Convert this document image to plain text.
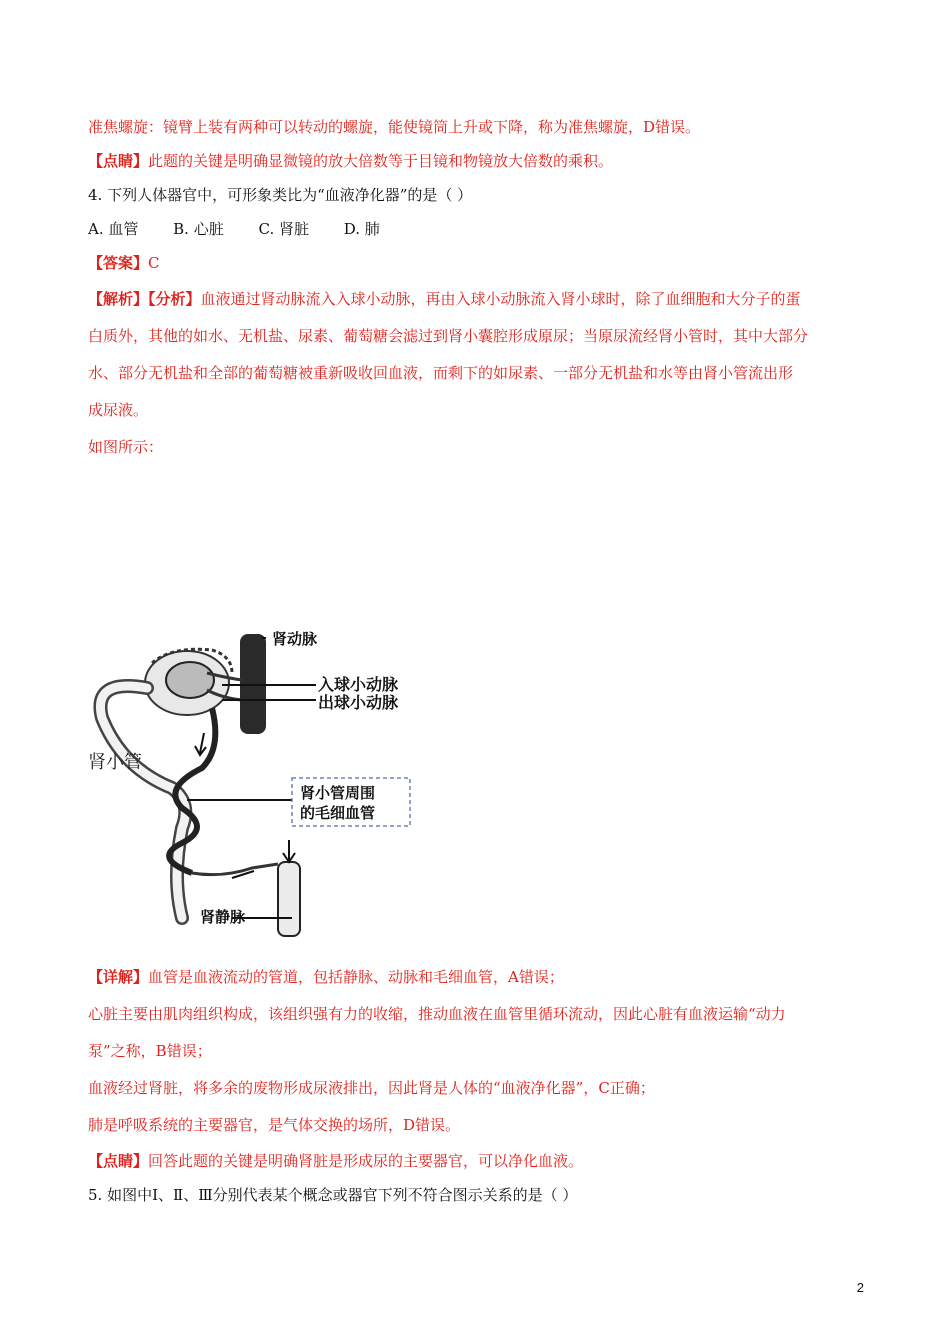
准焦螺旋：镜臂上装有两种可以转动的螺旋，能使镜筒上升或下降，称为准焦螺旋，D错误。
【点睛】此题的关键是明确显微镜的放大倍数等于目镜和物镜放大倍数的乘积。
4. 下列人体器官中，可形象类比为“血液净化器”的是（ ）
A. 血管 B. 心脏 C. 肾脏 D. 肺
【答案】C
【解析】【分析】血液通过肾动脉流入入球小动脉，再由入球小动脉流入肾小球时，除了血细胞和大分子的蛋
白质外，其他的如水、无机盐、尿素、葡萄糖会滤过到肾小囊腔形成原尿；当原尿流经肾小管时，其中大部分
水、部分无机盐和全部的葡萄糖被重新吸收回血液，而剩下的如尿素、一部分无机盐和水等由肾小管流出形
成尿液。
如图所示：
肾动脉
入球小动脉
出球小动脉
肾小管
肾小管周围
的毛细血管
肾静脉
【详解】血管是血液流动的管道，包括静脉、动脉和毛细血管，A错误；
心脏主要由肌肉组织构成，该组织强有力的收缩，推动血液在血管里循环流动，因此心脏有血液运输“动力
泵”之称，B错误；
血液经过肾脏，将多余的废物形成尿液排出，因此肾是人体的“血液净化器”，C正确；
肺是呼吸系统的主要器官，是气体交换的场所，D错误。
【点睛】回答此题的关键是明确肾脏是形成尿的主要器官，可以净化血液。
5. 如图中Ⅰ、Ⅱ、Ⅲ分别代表某个概念或器官下列不符合图示关系的是（ ）
2
